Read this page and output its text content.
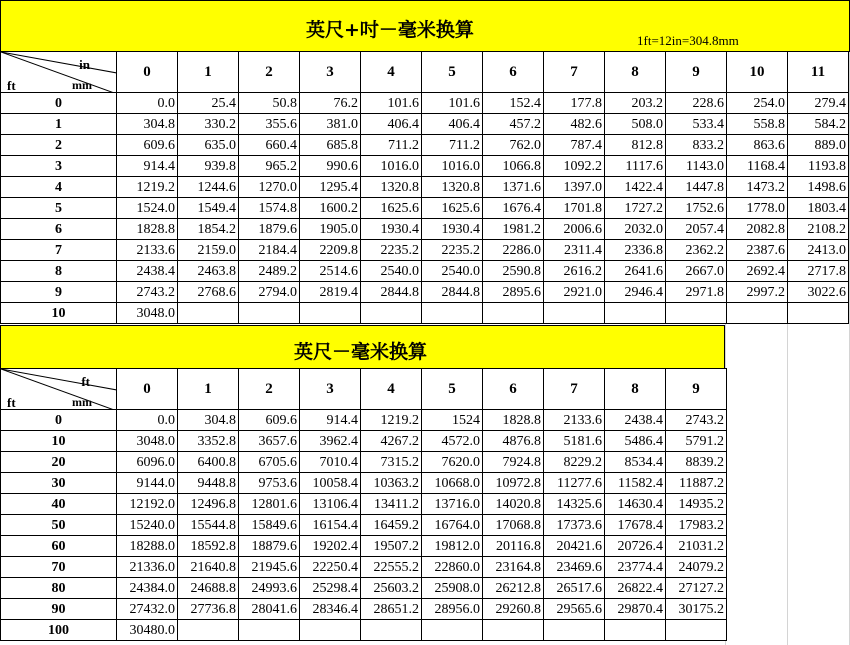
英尺+吋－毫米换算	1ft=12in=304.8mm
in
ft mm	0	1	2	3	4	5	6	7	8	9	10	11
0	0.0	25.4	50.8	76.2	101.6	101.6	152.4	177.8	203.2	228.6	254.0	279.4
1	304.8	330.2	355.6	381.0	406.4	406.4	457.2	482.6	508.0	533.4	558.8	584.2
2	609.6	635.0	660.4	685.8	711.2	711.2	762.0	787.4	812.8	833.2	863.6	889.0
3	914.4	939.8	965.2	990.6	1016.0	1016.0	1066.8	1092.2	1117.6	1143.0	1168.4	1193.8
4	1219.2	1244.6	1270.0	1295.4	1320.8	1320.8	1371.6	1397.0	1422.4	1447.8	1473.2	1498.6
5	1524.0	1549.4	1574.8	1600.2	1625.6	1625.6	1676.4	1701.8	1727.2	1752.6	1778.0	1803.4
6	1828.8	1854.2	1879.6	1905.0	1930.4	1930.4	1981.2	2006.6	2032.0	2057.4	2082.8	2108.2
7	2133.6	2159.0	2184.4	2209.8	2235.2	2235.2	2286.0	2311.4	2336.8	2362.2	2387.6	2413.0
8	2438.4	2463.8	2489.2	2514.6	2540.0	2540.0	2590.8	2616.2	2641.6	2667.0	2692.4	2717.8
9	2743.2	2768.6	2794.0	2819.4	2844.8	2844.8	2895.6	2921.0	2946.4	2971.8	2997.2	3022.6
10	3048.0											
英尺－毫米换算
ft
ft mm	0	1	2	3	4	5	6	7	8	9
0	0.0	304.8	609.6	914.4	1219.2	1524	1828.8	2133.6	2438.4	2743.2
10	3048.0	3352.8	3657.6	3962.4	4267.2	4572.0	4876.8	5181.6	5486.4	5791.2
20	6096.0	6400.8	6705.6	7010.4	7315.2	7620.0	7924.8	8229.2	8534.4	8839.2
30	9144.0	9448.8	9753.6	10058.4	10363.2	10668.0	10972.8	11277.6	11582.4	11887.2
40	12192.0	12496.8	12801.6	13106.4	13411.2	13716.0	14020.8	14325.6	14630.4	14935.2
50	15240.0	15544.8	15849.6	16154.4	16459.2	16764.0	17068.8	17373.6	17678.4	17983.2
60	18288.0	18592.8	18879.6	19202.4	19507.2	19812.0	20116.8	20421.6	20726.4	21031.2
70	21336.0	21640.8	21945.6	22250.4	22555.2	22860.0	23164.8	23469.6	23774.4	24079.2
80	24384.0	24688.8	24993.6	25298.4	25603.2	25908.0	26212.8	26517.6	26822.4	27127.2
90	27432.0	27736.8	28041.6	28346.4	28651.2	28956.0	29260.8	29565.6	29870.4	30175.2
100	30480.0									
